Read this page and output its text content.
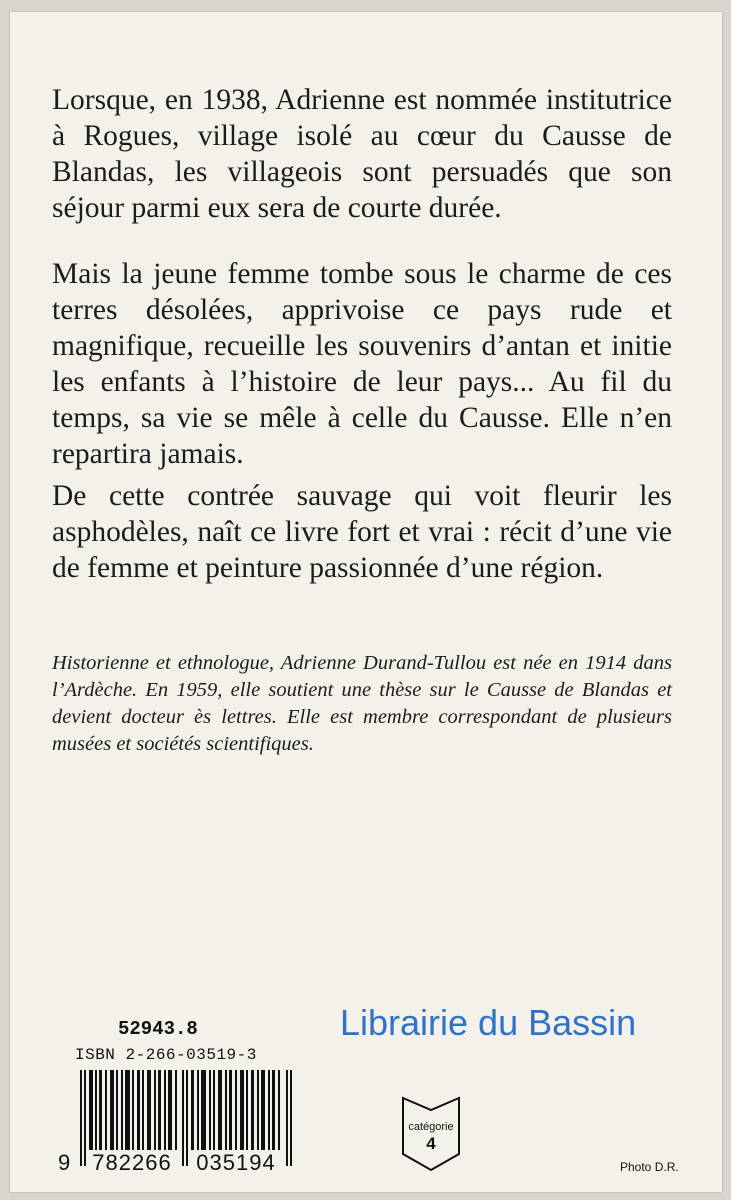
Lorsque, en 1938, Adrienne est nommée institutrice à Rogues, village isolé au cœur du Causse de Blandas, les villageois sont persuadés que son séjour parmi eux sera de courte durée.

Mais la jeune femme tombe sous le charme de ces terres désolées, apprivoise ce pays rude et magnifique, recueille les souvenirs d’antan et initie les enfants à l’histoire de leur pays... Au fil du temps, sa vie se mêle à celle du Causse. Elle n’en repartira jamais.

De cette contrée sauvage qui voit fleurir les asphodèles, naît ce livre fort et vrai : récit d’une vie de femme et peinture passionnée d’une région.

Historienne et ethnologue, Adrienne Durand-Tullou est née en 1914 dans l’Ardèche. En 1959, elle soutient une thèse sur le Causse de Blandas et devient docteur ès lettres. Elle est membre correspondant de plusieurs musées et sociétés scientifiques.

52943.8
ISBN 2-266-03519-3
Librairie du Bassin
9 782266 035194
catégorie
4
Photo D.R.
